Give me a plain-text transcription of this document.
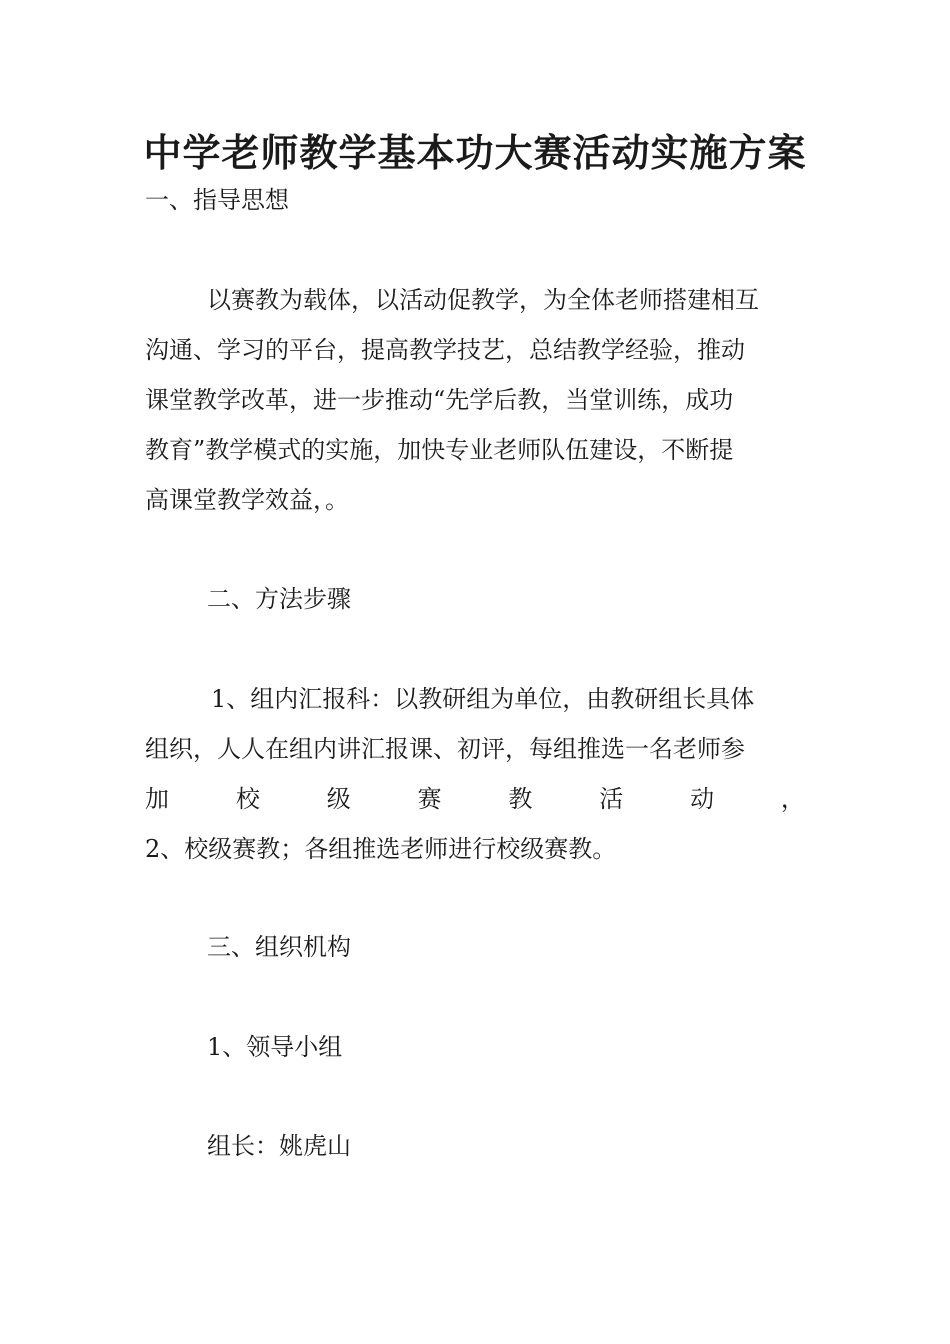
中学老师教学基本功大赛活动实施方案
一、指导思想
以赛教为载体，以活动促教学，为全体老师搭建相互
沟通、学习的平台，提高教学技艺，总结教学经验，推动
课堂教学改革，进一步推动“先学后教，当堂训练，成功
教育”教学模式的实施，加快专业老师队伍建设，不断提
高课堂教学效益，。
二、方法步骤
1、组内汇报科：以教研组为单位，由教研组长具体
组织，人人在组内讲汇报课、初评，每组推选一名老师参
加	校	级	赛	教	活	动	，
2、校级赛教；各组推选老师进行校级赛教。
三、组织机构
1、领导小组
组长：姚虎山
